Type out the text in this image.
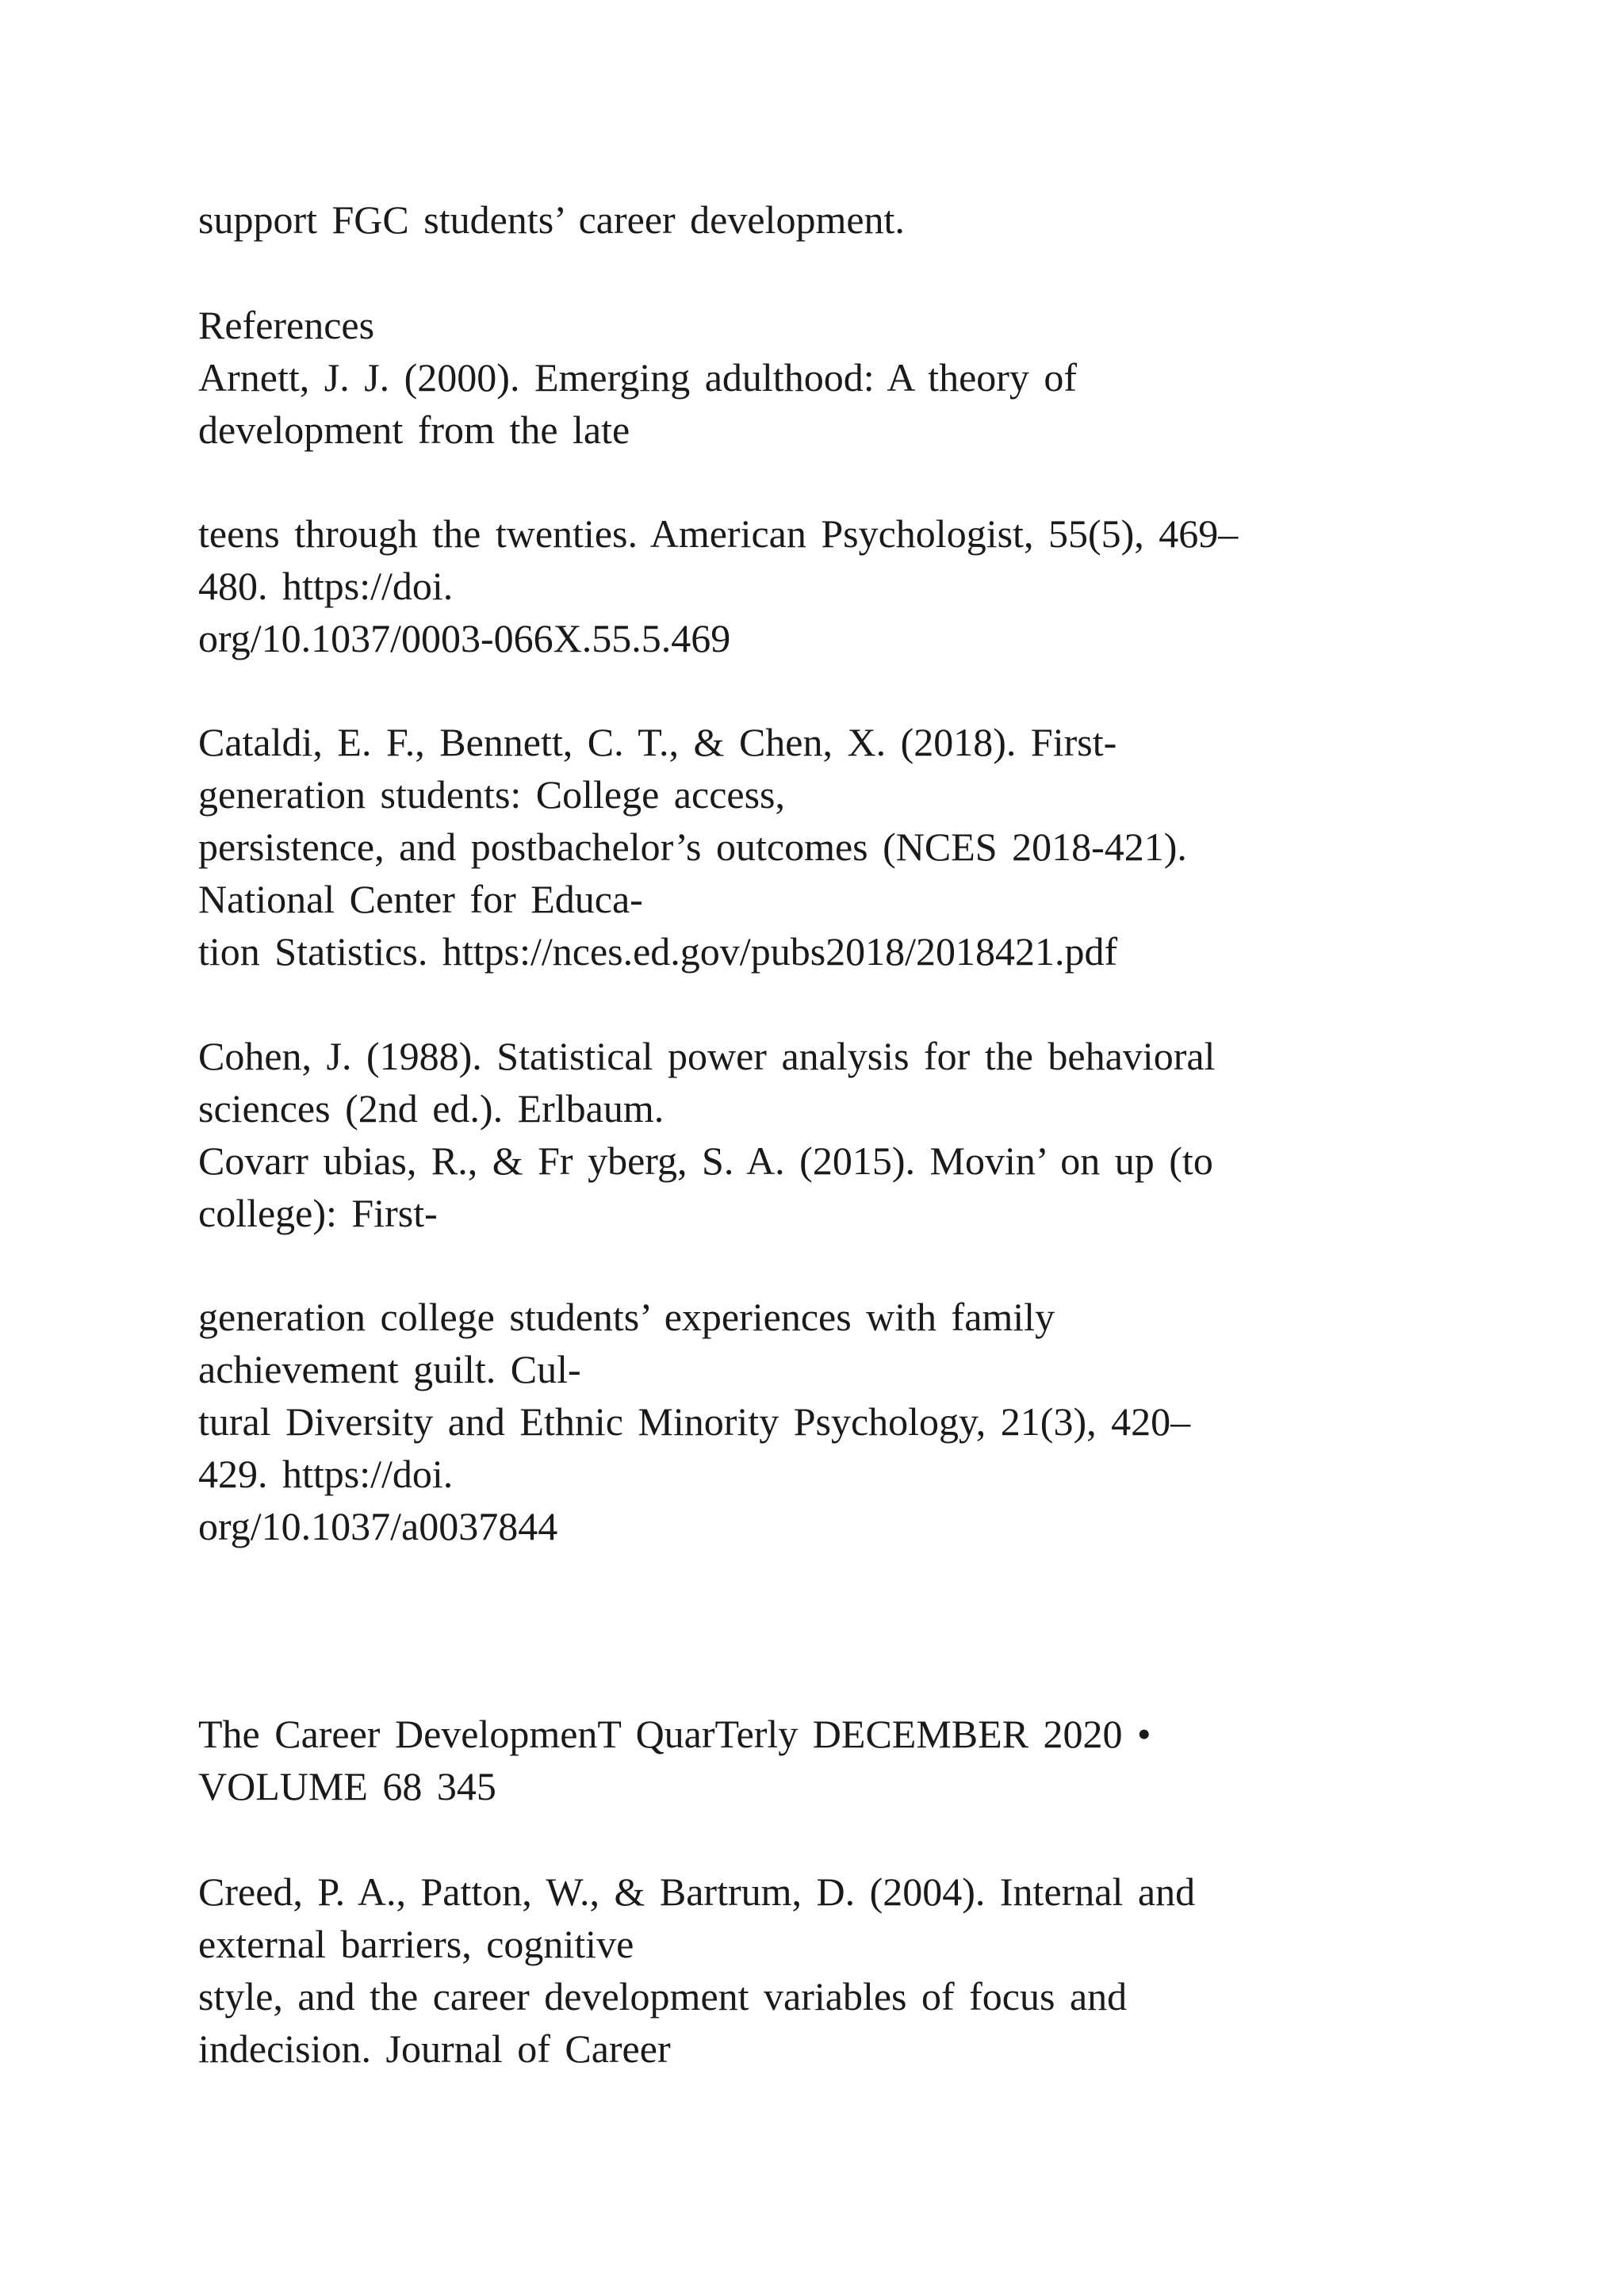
support FGC students’ career development.

References

Arnett, J. J. (2000). Emerging adulthood: A theory of

development from the late

teens through the twenties. American Psychologist, 55(5), 469–

480. https://doi.

org/10.1037/0003-066X.55.5.469

Cataldi, E. F., Bennett, C. T., & Chen, X. (2018). First-

generation students: College access,

persistence, and postbachelor’s outcomes (NCES 2018-421).

National Center for Educa-

tion Statistics. https://nces.ed.gov/pubs2018/2018421.pdf

Cohen, J. (1988). Statistical power analysis for the behavioral

sciences (2nd ed.). Erlbaum.

Covarr ubias, R., & Fr yberg, S. A. (2015). Movin’ on up (to

college): First-

generation college students’ experiences with family

achievement guilt. Cul-

tural Diversity and Ethnic Minority Psychology, 21(3), 420–

429. https://doi.

org/10.1037/a0037844

The Career DevelopmenT QuarTerly DECEMBER 2020 •

VOLUME 68 345

Creed, P. A., Patton, W., & Bartrum, D. (2004). Internal and

external barriers, cognitive

style, and the career development variables of focus and

indecision. Journal of Career
